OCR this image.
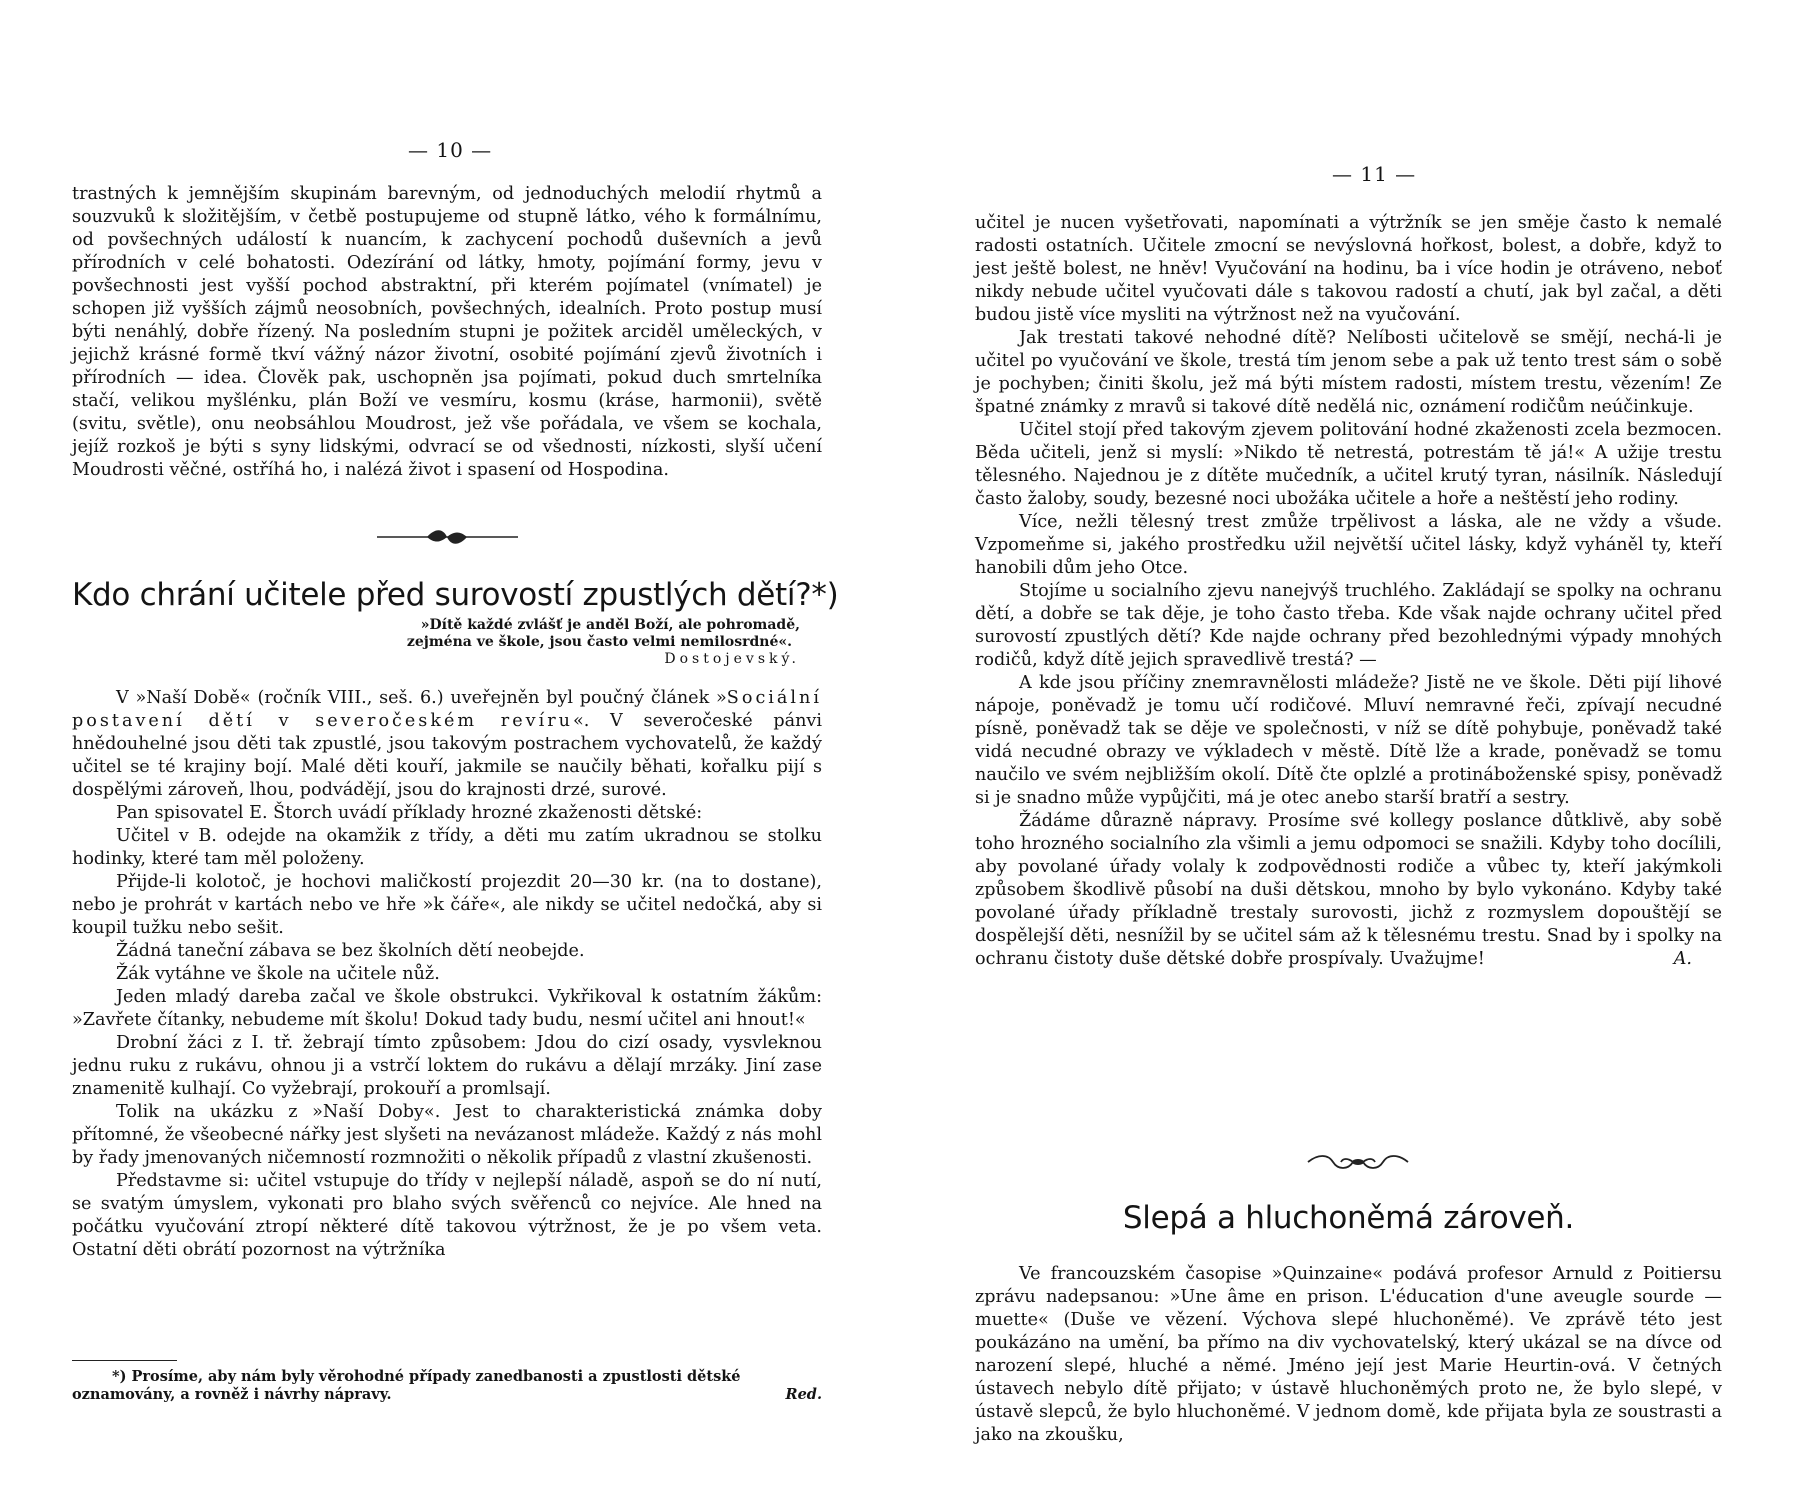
— 10 —

trastných k jemnějším skupinám barevným, od jednoduchých melodií rhytmů a souzvuků k složitějším, v četbě postupujeme od stupně látko, vého k formálnímu, od povšechných událostí k nuancím, k zachycení pochodů duševních a jevů přírodních v celé bohatosti. Odezírání od látky, hmoty, pojímání formy, jevu v povšechnosti jest vyšší pochod abstraktní, při kterém pojímatel (vnímatel) je schopen již vyšších zájmů neosobních, povšechných, idealních. Proto postup musí býti nenáhlý, dobře řízený. Na posledním stupni je požitek arciděl uměleckých, v jejichž krásné formě tkví vážný názor životní, osobité pojímání zjevů životních i přírodních — idea. Člověk pak, uschopněn jsa pojímati, pokud duch smrtelníka stačí, velikou myšlénku, plán Boží ve vesmíru, kosmu (kráse, harmonii), světě (svitu, světle), onu neobsáhlou Moudrost, jež vše pořádala, ve všem se kochala, jejíž rozkoš je býti s syny lidskými, odvrací se od všednosti, nízkosti, slyší učení Moudrosti věčné, ostříhá ho, i nalézá život i spasení od Hospodina.

Kdo chrání učitele před surovostí zpustlých dětí?*)

»Dítě každé zvlášť je anděl Boží, ale pohromadě,

zejména ve škole, jsou často velmi nemilosrdné«.

Dostojevský.

V »Naší Době« (ročník VIII., seš. 6.) uveřejněn byl poučný článek »Sociální postavení dětí v severočeském revíru«. V severočeské pánvi hnědouhelné jsou děti tak zpustlé, jsou takovým postrachem vychovatelů, že každý učitel se té krajiny bojí. Malé děti kouří, jakmile se naučily běhati, kořalku pijí s dospělými zároveň, lhou, podvádějí, jsou do krajnosti drzé, surové.

Pan spisovatel E. Štorch uvádí příklady hrozné zkaženosti dětské:

Učitel v B. odejde na okamžik z třídy, a děti mu zatím ukradnou se stolku hodinky, které tam měl položeny.

Přijde-li kolotoč, je hochovi maličkostí projezdit 20—30 kr. (na to dostane), nebo je prohrát v kartách nebo ve hře »k čáře«, ale nikdy se učitel nedočká, aby si koupil tužku nebo sešit.

Žádná taneční zábava se bez školních dětí neobejde.

Žák vytáhne ve škole na učitele nůž.

Jeden mladý dareba začal ve škole obstrukci. Vykřikoval k ostatním žákům: »Zavřete čítanky, nebudeme mít školu! Dokud tady budu, nesmí učitel ani hnout!«

Drobní žáci z I. tř. žebrají tímto způsobem: Jdou do cizí osady, vysvleknou jednu ruku z rukávu, ohnou ji a vstrčí loktem do rukávu a dělají mrzáky. Jiní zase znamenitě kulhají. Co vyžebrají, prokouří a promlsají.

Tolik na ukázku z »Naší Doby«. Jest to charakteristická známka doby přítomné, že všeobecné nářky jest slyšeti na nevázanost mládeže. Každý z nás mohl by řady jmenovaných ničemností rozmnožiti o několik případů z vlastní zkušenosti.

Představme si: učitel vstupuje do třídy v nejlepší náladě, aspoň se do ní nutí, se svatým úmyslem, vykonati pro blaho svých svěřenců co nejvíce. Ale hned na počátku vyučování ztropí některé dítě takovou výtržnost, že je po všem veta. Ostatní děti obrátí pozornost na výtržníka

*) Prosíme, aby nám byly věrohodné případy zanedbanosti a zpustlosti dětské oznamovány, a rovněž i návrhy nápravy.	Red.

— 11 —

učitel je nucen vyšetřovati, napomínati a výtržník se jen směje často k nemalé radosti ostatních. Učitele zmocní se nevýslovná hořkost, bolest, a dobře, když to jest ještě bolest, ne hněv! Vyučování na hodinu, ba i více hodin je otráveno, neboť nikdy nebude učitel vyučovati dále s takovou radostí a chutí, jak byl začal, a děti budou jistě více mysliti na výtržnost než na vyučování.

Jak trestati takové nehodné dítě? Nelíbosti učitelově se smějí, nechá-li je učitel po vyučování ve škole, trestá tím jenom sebe a pak už tento trest sám o sobě je pochyben; činiti školu, jež má býti místem radosti, místem trestu, vězením! Ze špatné známky z mravů si takové dítě nedělá nic, oznámení rodičům neúčinkuje.

Učitel stojí před takovým zjevem politování hodné zkaženosti zcela bezmocen. Běda učiteli, jenž si myslí: »Nikdo tě netrestá, potrestám tě já!« A užije trestu tělesného. Najednou je z dítěte mučedník, a učitel krutý tyran, násilník. Následují často žaloby, soudy, bezesné noci ubožáka učitele a hoře a neštěstí jeho rodiny.

Více, nežli tělesný trest zmůže trpělivost a láska, ale ne vždy a všude. Vzpomeňme si, jakého prostředku užil největší učitel lásky, když vyháněl ty, kteří hanobili dům jeho Otce.

Stojíme u socialního zjevu nanejvýš truchlého. Zakládají se spolky na ochranu dětí, a dobře se tak děje, je toho často třeba. Kde však najde ochrany učitel před surovostí zpustlých dětí? Kde najde ochrany před bezohlednými výpady mnohých rodičů, když dítě jejich spravedlivě trestá? —

A kde jsou příčiny znemravnělosti mládeže? Jistě ne ve škole. Děti pijí lihové nápoje, poněvadž je tomu učí rodičové. Mluví nemravné řeči, zpívají necudné písně, poněvadž tak se děje ve společnosti, v níž se dítě pohybuje, poněvadž také vidá necudné obrazy ve výkladech v městě. Dítě lže a krade, poněvadž se tomu naučilo ve svém nejbližším okolí. Dítě čte oplzlé a protináboženské spisy, poněvadž si je snadno může vypůjčiti, má je otec anebo starší bratří a sestry.

Žádáme důrazně nápravy. Prosíme své kollegy poslance důtklivě, aby sobě toho hrozného socialního zla všimli a jemu odpomoci se snažili. Kdyby toho docílili, aby povolané úřady volaly k zodpovědnosti rodiče a vůbec ty, kteří jakýmkoli způsobem škodlivě působí na duši dětskou, mnoho by bylo vykonáno. Kdyby také povolané úřady příkladně trestaly surovosti, jichž z rozmyslem dopouštějí se dospělejší děti, nesnížil by se učitel sám až k tělesnému trestu. Snad by i spolky na ochranu čistoty duše dětské dobře prospívaly. Uvažujme!	A.

Slepá a hluchoněmá zároveň.

Ve francouzském časopise »Quinzaine« podává profesor Arnuld z Poitiersu zprávu nadepsanou: »Une âme en prison. L'éducation d'une aveugle sourde — muette« (Duše ve vězení. Výchova slepé hluchoněmé). Ve zprávě této jest poukázáno na umění, ba přímo na div vychovatelský, který ukázal se na dívce od narození slepé, hluché a němé. Jméno její jest Marie Heurtin-ová. V četných ústavech nebylo dítě přijato; v ústavě hluchoněmých proto ne, že bylo slepé, v ústavě slepců, že bylo hluchoněmé. V jednom domě, kde přijata byla ze soustrasti a jako na zkoušku,
